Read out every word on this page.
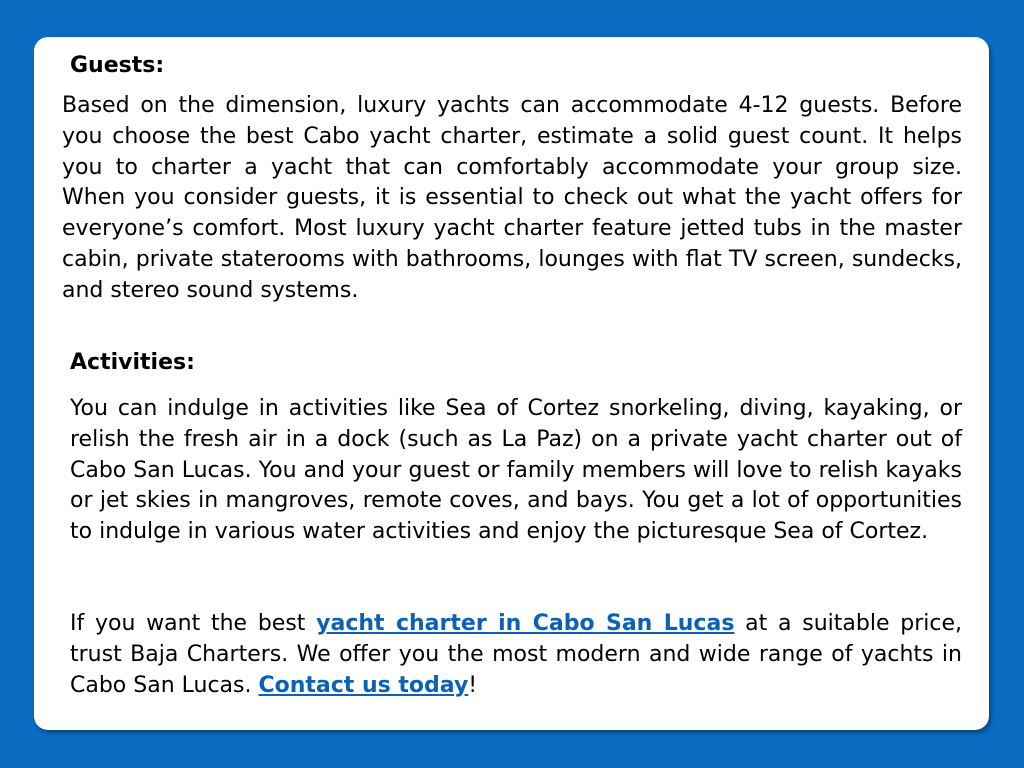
Guests:
Based on the dimension, luxury yachts can accommodate 4-12 guests. Before you choose the best Cabo yacht charter, estimate a solid guest count. It helps you to charter a yacht that can comfortably accommodate your group size. When you consider guests, it is essential to check out what the yacht offers for everyone’s comfort. Most luxury yacht charter feature jetted tubs in the master cabin, private staterooms with bathrooms, lounges with flat TV screen, sundecks, and stereo sound systems.
Activities:
You can indulge in activities like Sea of Cortez snorkeling, diving, kayaking, or relish the fresh air in a dock (such as La Paz) on a private yacht charter out of Cabo San Lucas. You and your guest or family members will love to relish kayaks or jet skies in mangroves, remote coves, and bays. You get a lot of opportunities to indulge in various water activities and enjoy the picturesque Sea of Cortez.
If you want the best yacht charter in Cabo San Lucas at a suitable price, trust Baja Charters. We offer you the most modern and wide range of yachts in Cabo San Lucas. Contact us today!
